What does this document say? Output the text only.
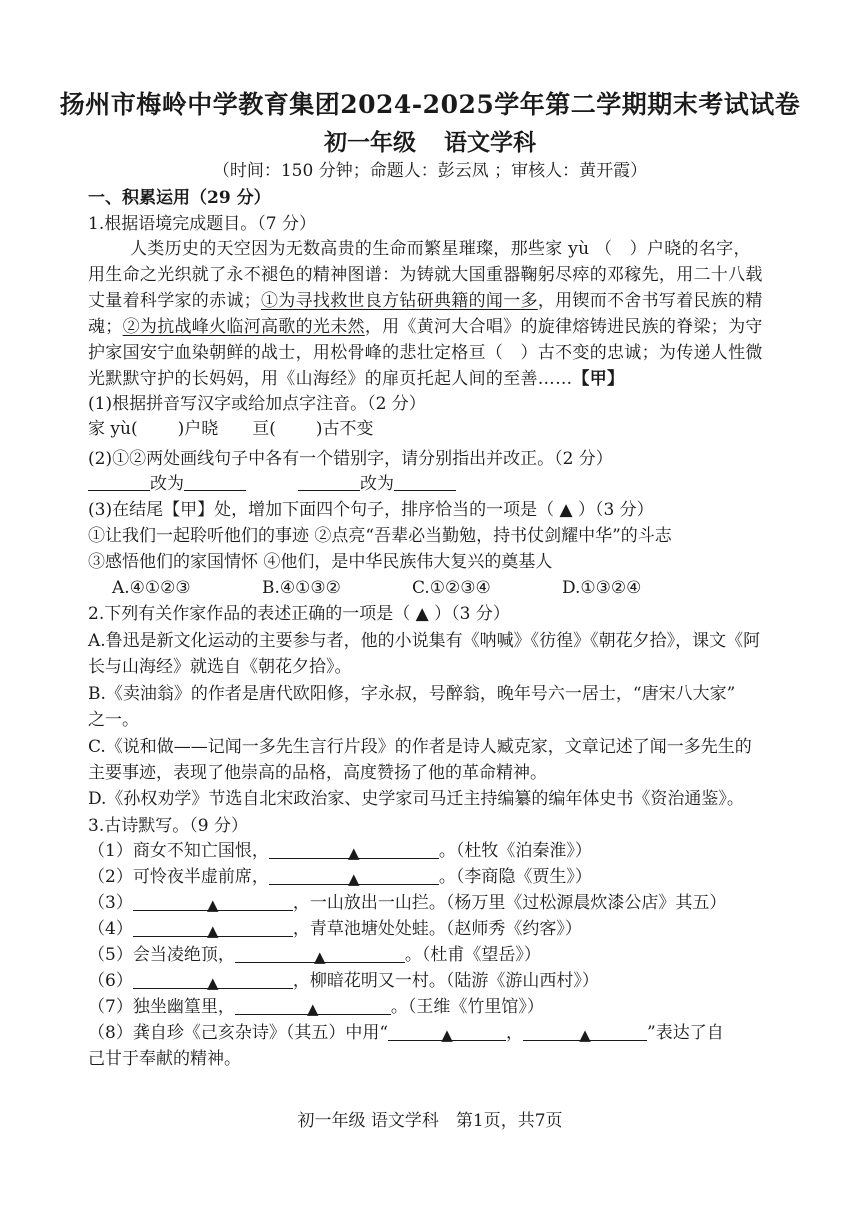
扬州市梅岭中学教育集团2024-2025学年第二学期期末考试试卷
初一年级 语文学科
（时间：150 分钟；命题人：彭云凤 ；审核人：黄开霞）
一、积累运用（29 分）
1.根据语境完成题目。（7 分）
人类历史的天空因为无数高贵的生命而繁星璀璨，那些家 yù （　）户晓的名字，
用生命之光织就了永不褪色的精神图谱：为铸就大国重器鞠躬尽瘁的邓稼先，用二十八载
丈量着科学家的赤诚；①为寻找救世良方钻研典籍的闻一多，用锲而不舍书写着民族的精
魂；②为抗战峰火临河高歌的光未然，用《黄河大合唱》的旋律熔铸进民族的脊梁；为守
护家国安宁血染朝鲜的战士，用松骨峰的悲壮定格亘（　）古不变的忠诚；为传递人性微
光默默守护的长妈妈，用《山海经》的扉页托起人间的至善……【甲】
(1)根据拼音写汉字或给加点字注音。（2 分）
家 yù( )户晓 亘( )古不变
(2)①②两处画线句子中各有一个错别字，请分别指出并改正。（2 分）
改为	改为
(3)在结尾【甲】处，增加下面四个句子，排序恰当的一项是（ ▲ ）（3 分）
①让我们一起聆听他们的事迹 ②点亮“吾辈必当勤勉，持书仗剑耀中华”的斗志
③感悟他们的家国情怀 ④他们，是中华民族伟大复兴的奠基人
A.④①②③	B.④①③②	C.①②③④	D.①③②④
2.下列有关作家作品的表述正确的一项是（ ▲ ）（3 分）
A.鲁迅是新文化运动的主要参与者，他的小说集有《呐喊》《彷徨》《朝花夕拾》，课文《阿
长与山海经》就选自《朝花夕拾》。
B.《卖油翁》的作者是唐代欧阳修，字永叔，号醉翁，晚年号六一居士，“唐宋八大家”
之一。
C.《说和做——记闻一多先生言行片段》的作者是诗人臧克家，文章记述了闻一多先生的
主要事迹，表现了他崇高的品格，高度赞扬了他的革命精神。
D.《孙权劝学》节选自北宋政治家、史学家司马迁主持编纂的编年体史书《资治通鉴》。
3.古诗默写。（9 分）
（1）商女不知亡国恨，	▲	。（杜牧《泊秦淮》）
（2）可怜夜半虚前席，	▲	。（李商隐《贾生》）
（3）	▲	，一山放出一山拦。（杨万里《过松源晨炊漆公店》其五）
（4）	▲	，青草池塘处处蛙。（赵师秀《约客》）
（5）会当凌绝顶，	▲	。（杜甫《望岳》）
（6）	▲	，柳暗花明又一村。（陆游《游山西村》）
（7）独坐幽篁里，	▲	。（王维《竹里馆》）
（8）龚自珍《己亥杂诗》（其五）中用“	▲	，	▲	”表达了自
己甘于奉献的精神。
初一年级 语文学科　第1页，共7页
